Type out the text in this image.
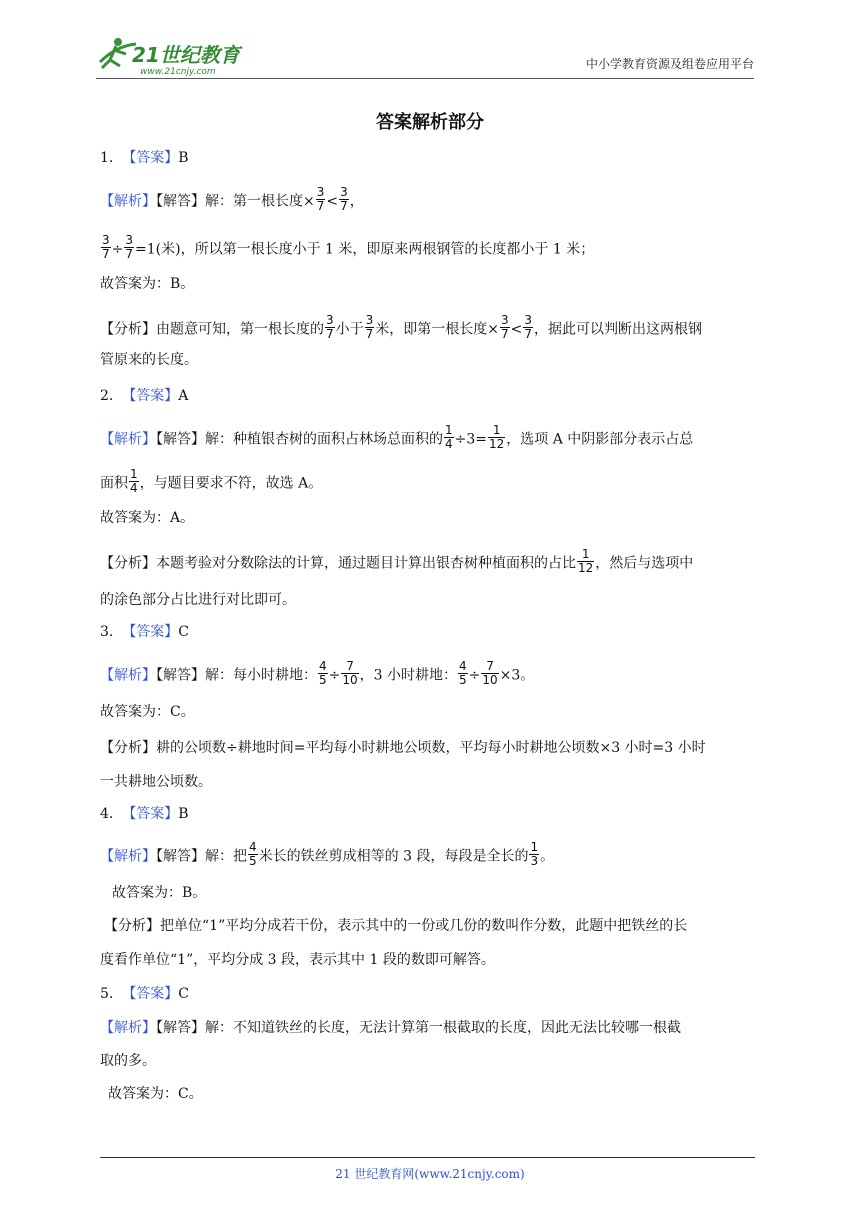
21世纪教育
www.21cnjy.com
中小学教育资源及组卷应用平台
答案解析部分
1. 【答案】B
【解析】【解答】解：第一根长度× $\frac{3}{7} < \frac{3}{7}$ ，
$\frac{3}{7} \div \frac{3}{7} =1$(米)，所以第一根长度小于 1 米，即原来两根钢管的长度都小于 1 米；
故答案为：B。
【分析】由题意可知，第一根长度的 $\frac{3}{7}$ 小于 $\frac{3}{7}$ 米，即第一根长度× $\frac{3}{7} < \frac{3}{7}$ ，据此可以判断出这两根钢
管原来的长度。
2. 【答案】A
【解析】【解答】解：种植银杏树的面积占林场总面积的 $\frac{1}{4} \div 3= \frac{1}{12}$ ，选项 A 中阴影部分表示占总
面积 $\frac{1}{4}$ ，与题目要求不符，故选 A。
故答案为：A。
【分析】本题考验对分数除法的计算，通过题目计算出银杏树种植面积的占比 $\frac{1}{12}$ ，然后与选项中
的涂色部分占比进行对比即可。
3. 【答案】C
【解析】【解答】解：每小时耕地： $\frac{4}{5} \div \frac{7}{10}$ ，3 小时耕地： $\frac{4}{5} \div \frac{7}{10} \times 3$。
故答案为：C。
【分析】耕的公顷数÷耕地时间=平均每小时耕地公顷数，平均每小时耕地公顷数×3 小时=3 小时
一共耕地公顷数。
4. 【答案】B
【解析】【解答】解：把 $\frac{4}{5}$ 米长的铁丝剪成相等的 3 段，每段是全长的 $\frac{1}{3}$ 。
故答案为：B。
【分析】把单位“1”平均分成若干份，表示其中的一份或几份的数叫作分数，此题中把铁丝的长
度看作单位“1”，平均分成 3 段，表示其中 1 段的数即可解答。
5. 【答案】C
【解析】【解答】解：不知道铁丝的长度，无法计算第一根截取的长度，因此无法比较哪一根截
取的多。
故答案为：C。
21 世纪教育网(www.21cnjy.com)
